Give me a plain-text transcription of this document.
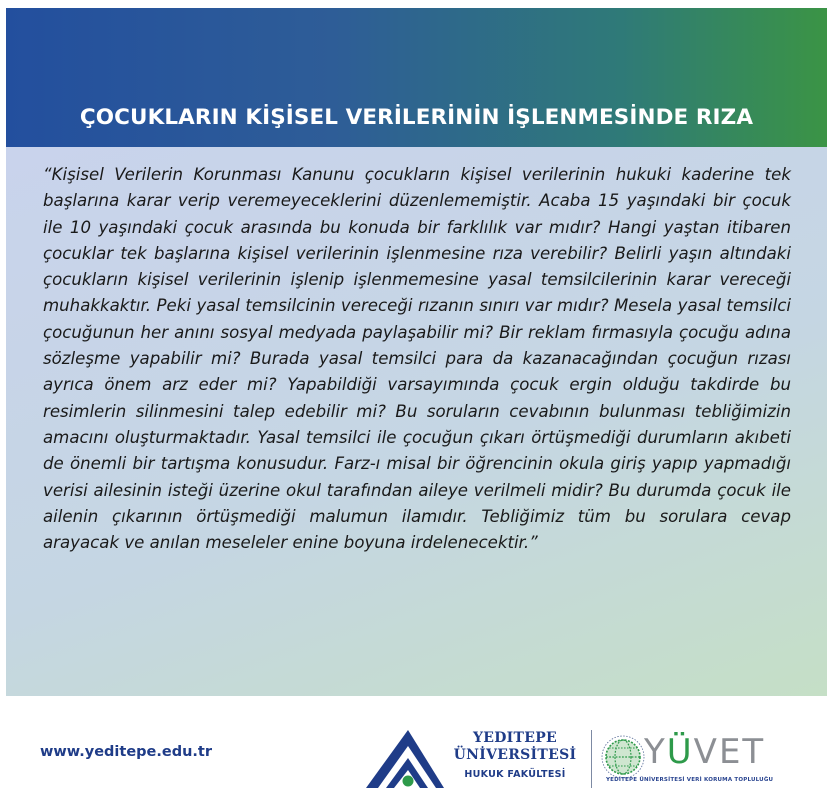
ÇOCUKLARIN KİŞİSEL VERİLERİNİN İŞLENMESİNDE RIZA

“Kişisel Verilerin Korunması Kanunu çocukların kişisel verilerinin hukuki kaderine tek başlarına karar verip veremeyeceklerini düzenlememiştir. Acaba 15 yaşındaki bir çocuk ile 10 yaşındaki çocuk arasında bu konuda bir farklılık var mıdır? Hangi yaştan itibaren çocuklar tek başlarına kişisel verilerinin işlenmesine rıza verebilir? Belirli yaşın altındaki çocukların kişisel verilerinin işlenip işlenmemesine yasal temsilcilerinin karar vereceği muhakkaktır. Peki yasal temsilcinin vereceği rızanın sınırı var mıdır? Mesela yasal temsilci çocuğunun her anını sosyal medyada paylaşabilir mi? Bir reklam fırmasıyla çocuğu adına sözleşme yapabilir mi? Burada yasal temsilci para da kazanacağından çocuğun rızası ayrıca önem arz eder mi? Yapabildiği varsayımında çocuk ergin olduğu takdirde bu resimlerin silinmesini talep edebilir mi? Bu soruların cevabının bulunması tebliğimizin amacını oluşturmaktadır. Yasal temsilci ile çocuğun çıkarı örtüşmediği durumların akıbeti de önemli bir tartışma konusudur. Farz-ı misal bir öğrencinin okula giriş yapıp yapmadığı verisi ailesinin isteği üzerine okul tarafından aileye verilmeli midir? Bu durumda çocuk ile ailenin çıkarının örtüşmediği malumun ilamıdır. Tebliğimiz tüm bu sorulara cevap arayacak ve anılan meseleler enine boyuna irdelenecektir.”

www.yeditepe.edu.tr
YEDITEPE
ÜNİVERSİTESİ
HUKUK FAKÜLTESİ
YÜVET
YEDİTEPE ÜNİVERSİTESİ VERİ KORUMA TOPLULUĞU
